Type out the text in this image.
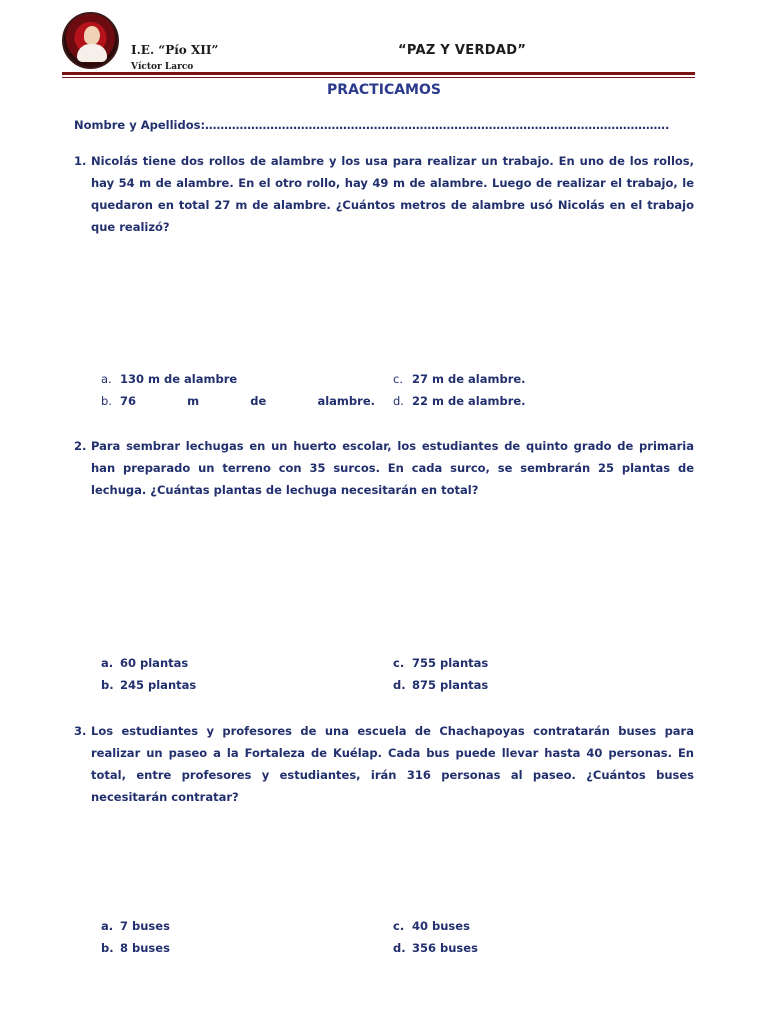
I.E. “Pío XII”
Víctor Larco
“PAZ Y VERDAD”
PRACTICAMOS
Nombre y Apellidos:………………………………………………………………………………………………………….
1. Nicolás tiene dos rollos de alambre y los usa para realizar un trabajo. En uno de los rollos, hay 54 m de alambre. En el otro rollo, hay 49 m de alambre. Luego de realizar el trabajo, le quedaron en total 27 m de alambre. ¿Cuántos metros de alambre usó Nicolás en el trabajo que realizó?
a. 130 m de alambre
b. 76	m	de	alambre.
c. 27 m de alambre.
d. 22 m de alambre.
2. Para sembrar lechugas en un huerto escolar, los estudiantes de quinto grado de primaria han preparado un terreno con 35 surcos. En cada surco, se sembrarán 25 plantas de lechuga. ¿Cuántas plantas de lechuga necesitarán en total?
a. 60 plantas
b. 245 plantas
c. 755 plantas
d. 875 plantas
3. Los estudiantes y profesores de una escuela de Chachapoyas contratarán buses para realizar un paseo a la Fortaleza de Kuélap. Cada bus puede llevar hasta 40 personas. En total, entre profesores y estudiantes, irán 316 personas al paseo. ¿Cuántos buses necesitarán contratar?
a. 7 buses
b. 8 buses
c. 40 buses
d. 356 buses
